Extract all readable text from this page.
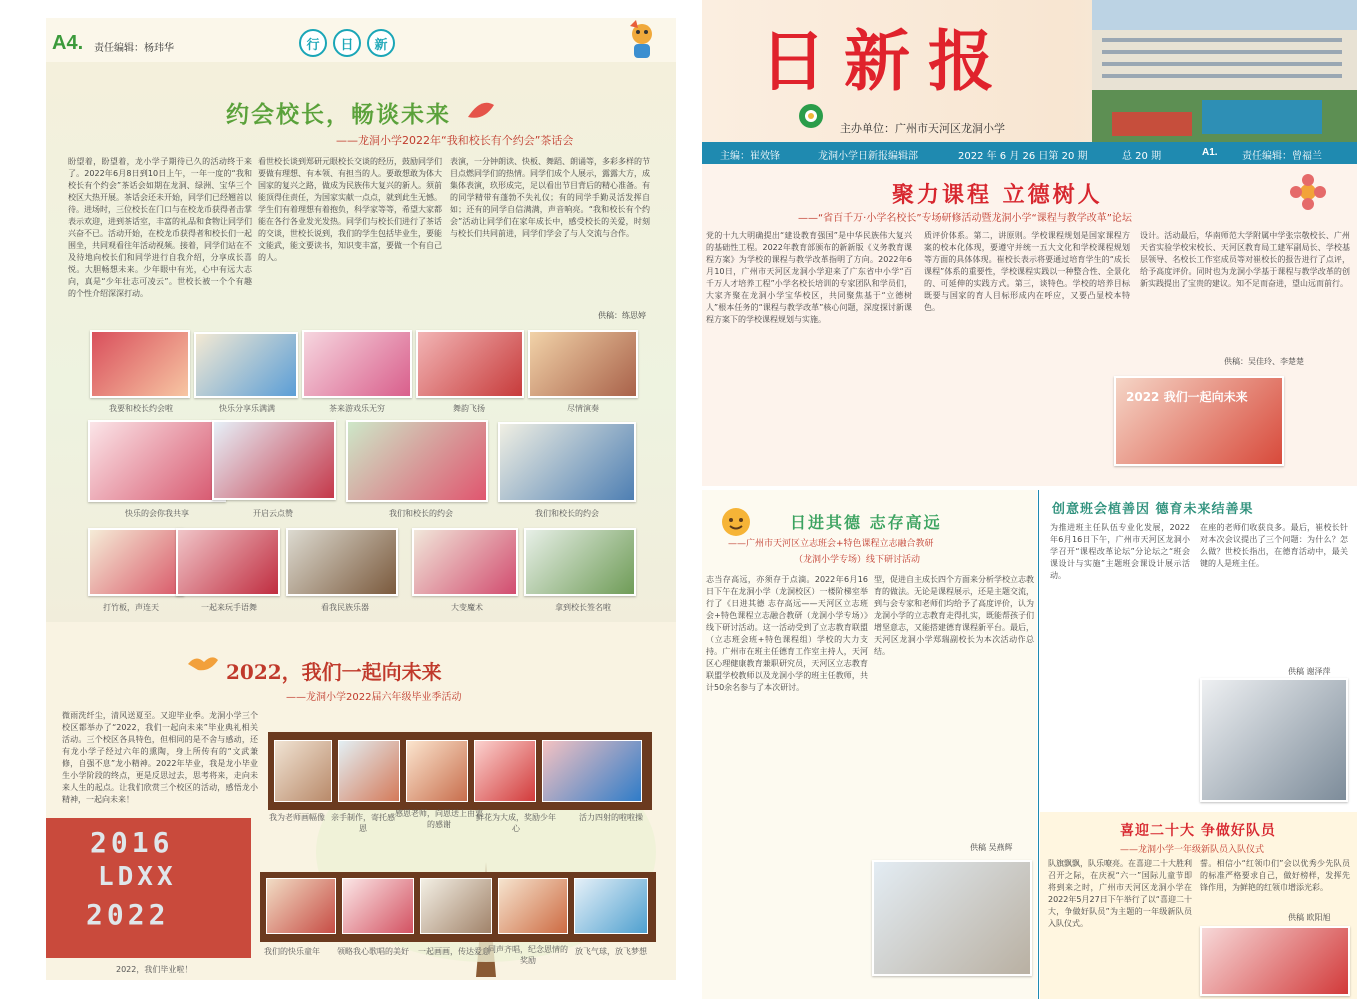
A4. 责任编辑：杨玮华	行	日	新
约会校长，畅谈未来
——龙洞小学2022年“我和校长有个约会”茶话会
盼望着，盼望着，龙小学子期待已久的活动终于来了。2022年6月8日到10日上午，一年一度的“我和校长有个约会”茶话会如期在龙洞、绿洲、宝华三个校区大热开展。茶话会还未开始，同学们已经翘首以待。进场时，三位校长在门口与在校龙币获得者击掌表示欢迎，进到茶话室，丰富的礼品和食物让同学们兴奋不已。活动开始，在校龙币获得者和校长们一起围坐，共同观看往年活动视频。接着，同学们站在不及待地向校长们和同学进行自我介绍，分享成长喜悦。大胆畅想未来。少年眼中有光，心中有远大志向，真是“少年壮志可凌云”。世校长被一个个有趣的个性介绍深深打动。
看世校长谈到郑研元眼校长交谈的经历，鼓励同学们要做有理想、有本领、有担当的人。要敢想敢为体大国家的复兴之路，做成为民族伟大复兴的新人。须前能顶得住责任，为国家实献一点点，就到此生无憾。学生们有着理想有着抱负，科学家等等，希望大家都能在各行各业发光发热。同学们与校长们进行了茶话的交谈，世校长说到，我们的学生包括毕业生，要能文能武，能文要读书，知识变丰富，要做一个有自己的人。
表演，一分钟朗读、快板、舞蹈、朗诵等，多彩多样的节目点燃同学们的热情。同学们成个人展示，露露大方，成集体表演，玖形成完，足以看出节目背后的精心准备。有的同学精带有蓬勃不失礼仪；有的同学手勤灵活发挥自如；还有的同学自信满满，声音响亮。“我和校长有个约会”活动让同学们在家年成长中，感受校长的关爱，时刻与校长们共同前进，同学们学会了与人交流与合作。
供稿：练思婷
我要和校长约会啦	快乐分享乐满满	茶来游戏乐无穷	舞韵飞扬	尽情演奏
快乐的会你我共享	开启云点赞	我们和校长的约会	我们和校长的约会
打竹板，声连天	一起来玩手语舞	看我民族乐器	大变魔术	拿到校长签名啦
2022，我们一起向未来
——龙洞小学2022届六年级毕业季活动
微雨洗纤尘，清风送夏至。又迎毕业季。龙洞小学三个校区都举办了“2022，我们一起向未来”毕业典礼相关活动。三个校区各具特色，但相同的是不舍与感动，还有龙小学子经过六年的熏陶，身上所传有的“文武兼修，自强不息”龙小精神。2022年毕业，我是龙小毕业生小学阶段的终点，更是反思过去，思考将来，走向未来人生的起点。让我们欣赏三个校区的活动，感悟龙小精神，一起向未来！
2016
LDXX
2022
2022，我们毕业啦！
我为老师画幅像 亲手制作，寄托感恩
感恩老师，向恩送上由衷的感谢
鲜花为大成，奖励少年心
活力四射的啦啦操
我们的快乐童年	领略我心歌唱的美好	一起画画，传达爱意
同声齐唱，纪念恩情的奖励
放飞气球，放飞梦想
日新报
主办单位：广州市天河区龙洞小学
主编：崔效锋	龙洞小学日新报编辑部	2022 年 6 月 26 日第 20 期	总 20 期	A1. 责任编辑：曾福兰
聚力课程 立德树人
——“省百千万·小学名校长”专场研修活动暨龙洞小学“课程与教学改革”论坛
党的十九大明确提出“建设教育强国”是中华民族伟大复兴的基础性工程。2022年教育部颁布的新新版《义务教育课程方案》为学校的课程与教学改革指明了方向。2022年6月10日，广州市天河区龙洞小学迎来了广东省中小学“百千万人才培养工程”小学名校长培训的专家团队和学员们，大家齐聚在龙洞小学宝华校区，共同聚焦基于“立德树人”根本任务的“课程与教学改革”核心问题，深度探讨新课程方案下的学校课程规划与实施。
质评价体系。第二，讲原则。学校课程规划是国家课程方案的校本化体现，要遵守并统一五大文化和学校课程规划等方面的具体体现。崔校长表示将要通过培育学生的“成长课程”体系的重要性，学校课程实践以一种整合性、全景化的、可延伸的实践方式。第三，谈特色。学校的培养目标既要与国家的育人目标形成内在呼应，又要凸显校本特色。
设计。活动最后，华南师范大学附属中学张宗敬校长、广州天省实验学校宋校长、天河区教育局工建军副局长、学校基层领导、名校长工作室成员等对崔校长的报告进行了点评，给予高度评价。同时也为龙洞小学基于课程与教学改革的创新实践提出了宝贵的建议。知不足而奋进，望山远而前行。
供稿：吴佳玲、李楚楚
2022 我们一起向未来
日进其德 志存高远
——广州市天河区立志班会+特色课程立志融合教研
（龙洞小学专场）线下研讨活动
志当存高远，亦须存于点滴。2022年6月16日下午在龙洞小学（龙洞校区）一楼阶梯室举行了《日进其德 志存高远——天河区立志班会+特色课程立志融合教研（龙洞小学专场）》线下研讨活动。这一活动受到了立志教育联盟（立志班会班+特色课程组）学校的大力支持。广州市在班主任德育工作室主持人，天河区心理健康教育兼职研究员，天河区立志教育联盟学校教师以及龙洞小学的班主任教师，共计50余名参与了本次研讨。
型，促进自主成长四个方面来分析学校立志教育的做法。无论是课程展示，还是主题交流，到与会专家和老师们均给予了高度评价，认为龙洞小学的立志教育走得扎实，既能帮孩子们增坚意志，又能搭建德育课程新平台。最后，天河区龙洞小学郑瑞副校长为本次活动作总结。
供稿 吴燕辉
创意班会植善因 德育未来结善果
为推进班主任队伍专业化发展，2022年6月16日下午，广州市天河区龙洞小学召开“课程改革论坛”分论坛之“班会课设计与实施”主题班会课设计展示活动。
在座的老师们收获良多。最后，崔校长针对本次会议提出了三个问题：为什么？怎么做？世校长指出，在德育活动中，最关键的人是班主任。
供稿 谢泽萍
喜迎二十大 争做好队员
——龙洞小学一年级新队员入队仪式
队旗飘飘，队乐嘹亮。在喜迎二十大胜利召开之际，在庆祝“六一”国际儿童节即将到来之时，广州市天河区龙洞小学在2022年5月27日下午举行了以“喜迎二十大，争做好队员”为主题的一年级新队员入队仪式。
誓。相信小“红领巾们”会以优秀少先队员的标准严格要求自己，做好榜样，发挥先锋作用，为鲜艳的红领巾增添光彩。
供稿 欧阳旭
